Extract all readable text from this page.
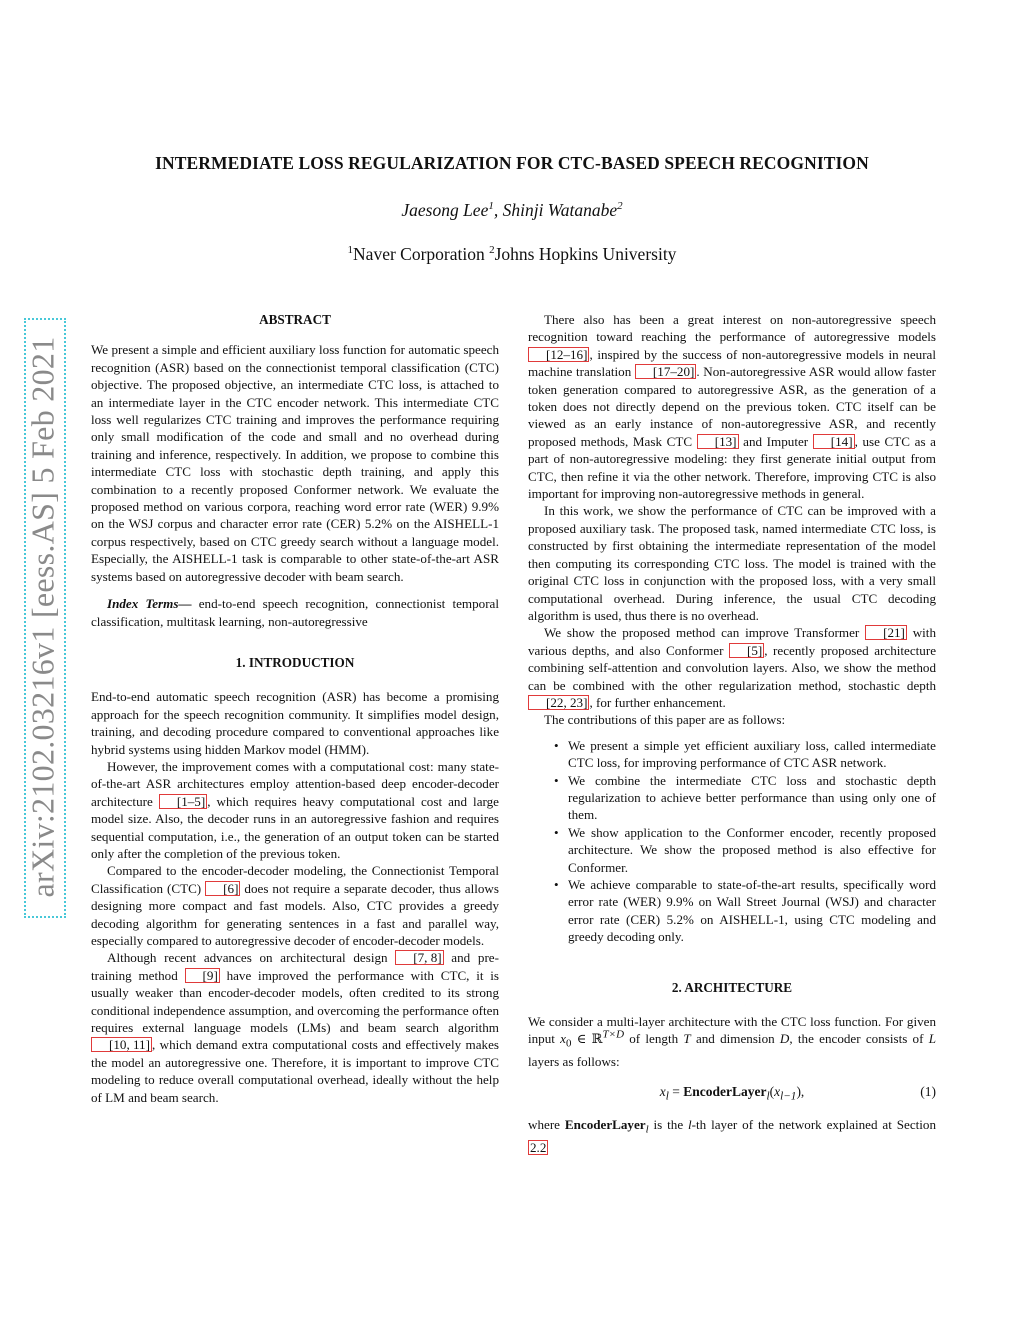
INTERMEDIATE LOSS REGULARIZATION FOR CTC-BASED SPEECH RECOGNITION
Jaesong Lee$^1$, Shinji Watanabe$^2$
$^1$Naver Corporation $^2$Johns Hopkins University
arXiv:2102.03216v1 [eess.AS] 5 Feb 2021
ABSTRACT

We present a simple and efficient auxiliary loss function for automatic speech recognition (ASR) based on the connectionist temporal classification (CTC) objective. The proposed objective, an intermediate CTC loss, is attached to an intermediate layer in the CTC encoder network. This intermediate CTC loss well regularizes CTC training and improves the performance requiring only small modification of the code and small and no overhead during training and inference, respectively. In addition, we propose to combine this intermediate CTC loss with stochastic depth training, and apply this combination to a recently proposed Conformer network. We evaluate the proposed method on various corpora, reaching word error rate (WER) 9.9% on the WSJ corpus and character error rate (CER) 5.2% on the AISHELL-1 corpus respectively, based on CTC greedy search without a language model. Especially, the AISHELL-1 task is comparable to other state-of-the-art ASR systems based on autoregressive decoder with beam search.

Index Terms— end-to-end speech recognition, connectionist temporal classification, multitask learning, non-autoregressive

1. INTRODUCTION

End-to-end automatic speech recognition (ASR) has become a promising approach for the speech recognition community. It simplifies model design, training, and decoding procedure compared to conventional approaches like hybrid systems using hidden Markov model (HMM).

However, the improvement comes with a computational cost: many state-of-the-art ASR architectures employ attention-based deep encoder-decoder architecture [1–5] , which requires heavy computational cost and large model size. Also, the decoder runs in an autoregressive fashion and requires sequential computation, i.e., the generation of an output token can be started only after the completion of the previous token.

Compared to the encoder-decoder modeling, the Connectionist Temporal Classification (CTC) [6] does not require a separate decoder, thus allows designing more compact and fast models. Also, CTC provides a greedy decoding algorithm for generating sentences in a fast and parallel way, especially compared to autoregressive decoder of encoder-decoder models.

Although recent advances on architectural design [7, 8] and pre-training method [9] have improved the performance with CTC, it is usually weaker than encoder-decoder models, often credited to its strong conditional independence assumption, and overcoming the performance often requires external language models (LMs) and beam search algorithm [10, 11] , which demand extra computational costs and effectively makes the model an autoregressive one. Therefore, it is important to improve CTC modeling to reduce overall computational overhead, ideally without the help of LM and beam search.

There also has been a great interest on non-autoregressive speech recognition toward reaching the performance of autoregressive models [12–16] , inspired by the success of non-autoregressive models in neural machine translation [17–20] . Non-autoregressive ASR would allow faster token generation compared to autoregressive ASR, as the generation of a token does not directly depend on the previous token. CTC itself can be viewed as an early instance of non-autoregressive ASR, and recently proposed methods, Mask CTC [13] and Imputer [14] , use CTC as a part of non-autoregressive modeling: they first generate initial output from CTC, then refine it via the other network. Therefore, improving CTC is also important for improving non-autoregressive methods in general.

In this work, we show the performance of CTC can be improved with a proposed auxiliary task. The proposed task, named intermediate CTC loss, is constructed by first obtaining the intermediate representation of the model then computing its corresponding CTC loss. The model is trained with the original CTC loss in conjunction with the proposed loss, with a very small computational overhead. During inference, the usual CTC decoding algorithm is used, thus there is no overhead.

We show the proposed method can improve Transformer [21] with various depths, and also Conformer [5] , recently proposed architecture combining self-attention and convolution layers. Also, we show the method can be combined with the other regularization method, stochastic depth [22, 23] , for further enhancement.

The contributions of this paper are as follows:

• We present a simple yet efficient auxiliary loss, called intermediate CTC loss, for improving performance of CTC ASR network.
• We combine the intermediate CTC loss and stochastic depth regularization to achieve better performance than using only one of them.
• We show application to the Conformer encoder, recently proposed architecture. We show the proposed method is also effective for Conformer.
• We achieve comparable to state-of-the-art results, specifically word error rate (WER) 9.9% on Wall Street Journal (WSJ) and character error rate (CER) 5.2% on AISHELL-1, using CTC modeling and greedy decoding only.
2. ARCHITECTURE

We consider a multi-layer architecture with the CTC loss function. For given input $x_0$ ∈ ℝ$^{T\times D}$ of length T and dimension D, the encoder consists of L layers as follows:

$x_l$ = $EncoderLayer_l(x_{l-1})$,	(1)

where EncoderLayer$_l$ is the l-th layer of the network explained at Section 2.2
